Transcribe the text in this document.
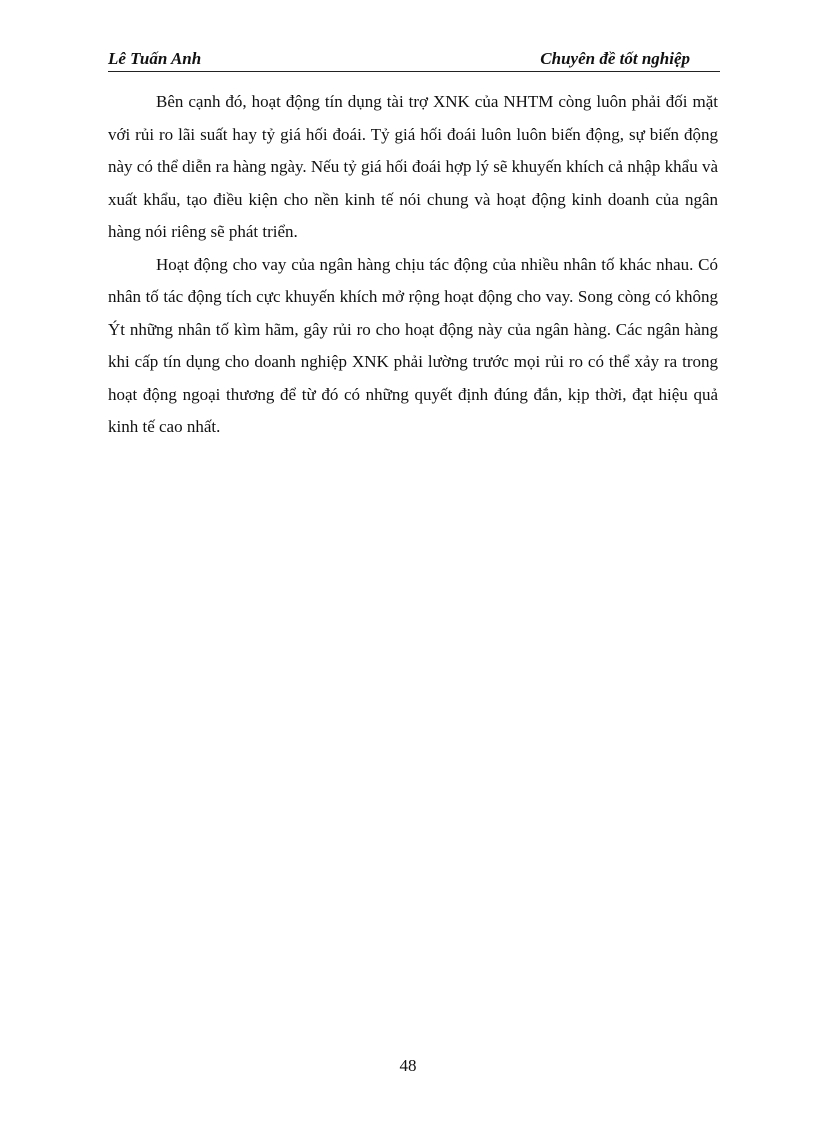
Lê Tuấn Anh	Chuyên đề tốt nghiệp

Bên cạnh đó, hoạt động tín dụng tài trợ XNK của NHTM còng luôn phải đối mặt với rủi ro lãi suất hay tỷ giá hối đoái. Tỷ giá hối đoái luôn luôn biến động, sự biến động này có thể diễn ra hàng ngày. Nếu tỷ giá hối đoái hợp lý sẽ khuyến khích cả nhập khẩu và xuất khẩu, tạo điều kiện cho nền kinh tế nói chung và hoạt động kinh doanh của ngân hàng nói riêng sẽ phát triển.

Hoạt động cho vay của ngân hàng chịu tác động của nhiều nhân tố khác nhau. Có nhân tố tác động tích cực khuyến khích mở rộng hoạt động cho vay. Song còng có không Ýt những nhân tố kìm hãm, gây rủi ro cho hoạt động này của ngân hàng. Các ngân hàng khi cấp tín dụng cho doanh nghiệp XNK phải lường trước mọi rủi ro có thể xảy ra trong hoạt động ngoại thương để từ đó có những quyết định đúng đắn, kịp thời, đạt hiệu quả kinh tế cao nhất.

48
